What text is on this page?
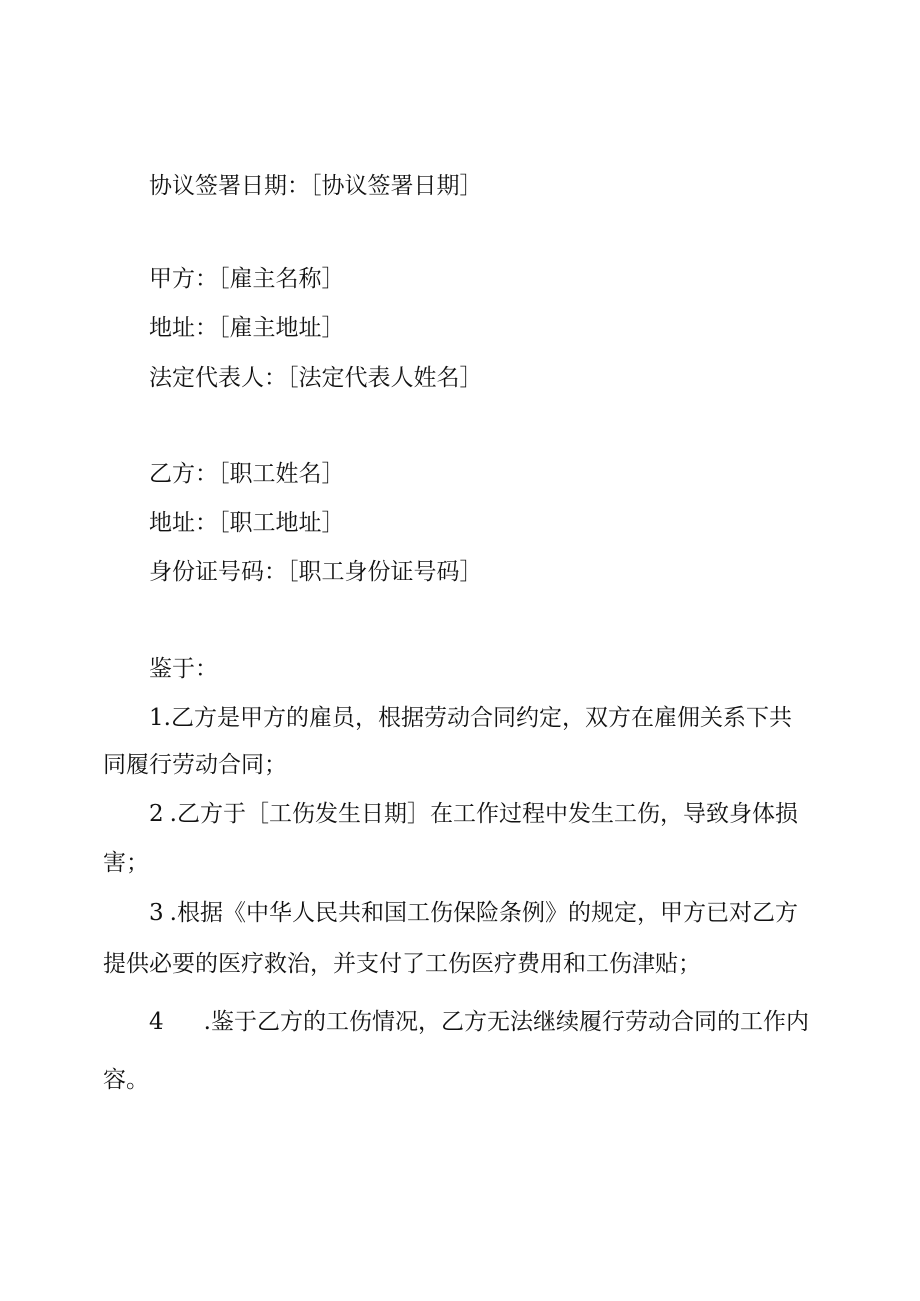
协议签署日期：［协议签署日期］
甲方：［雇主名称］
地址：［雇主地址］
法定代表人：［法定代表人姓名］
乙方：［职工姓名］
地址：［职工地址］
身份证号码：［职工身份证号码］
鉴于：
1.乙方是甲方的雇员，根据劳动合同约定，双方在雇佣关系下共
同履行劳动合同；
2 .乙方于［工伤发生日期］在工作过程中发生工伤，导致身体损
害；
3 .根据《中华人民共和国工伤保险条例》的规定，甲方已对乙方
提供必要的医疗救治，并支付了工伤医疗费用和工伤津贴；
4 .鉴于乙方的工伤情况，乙方无法继续履行劳动合同的工作内
容。
